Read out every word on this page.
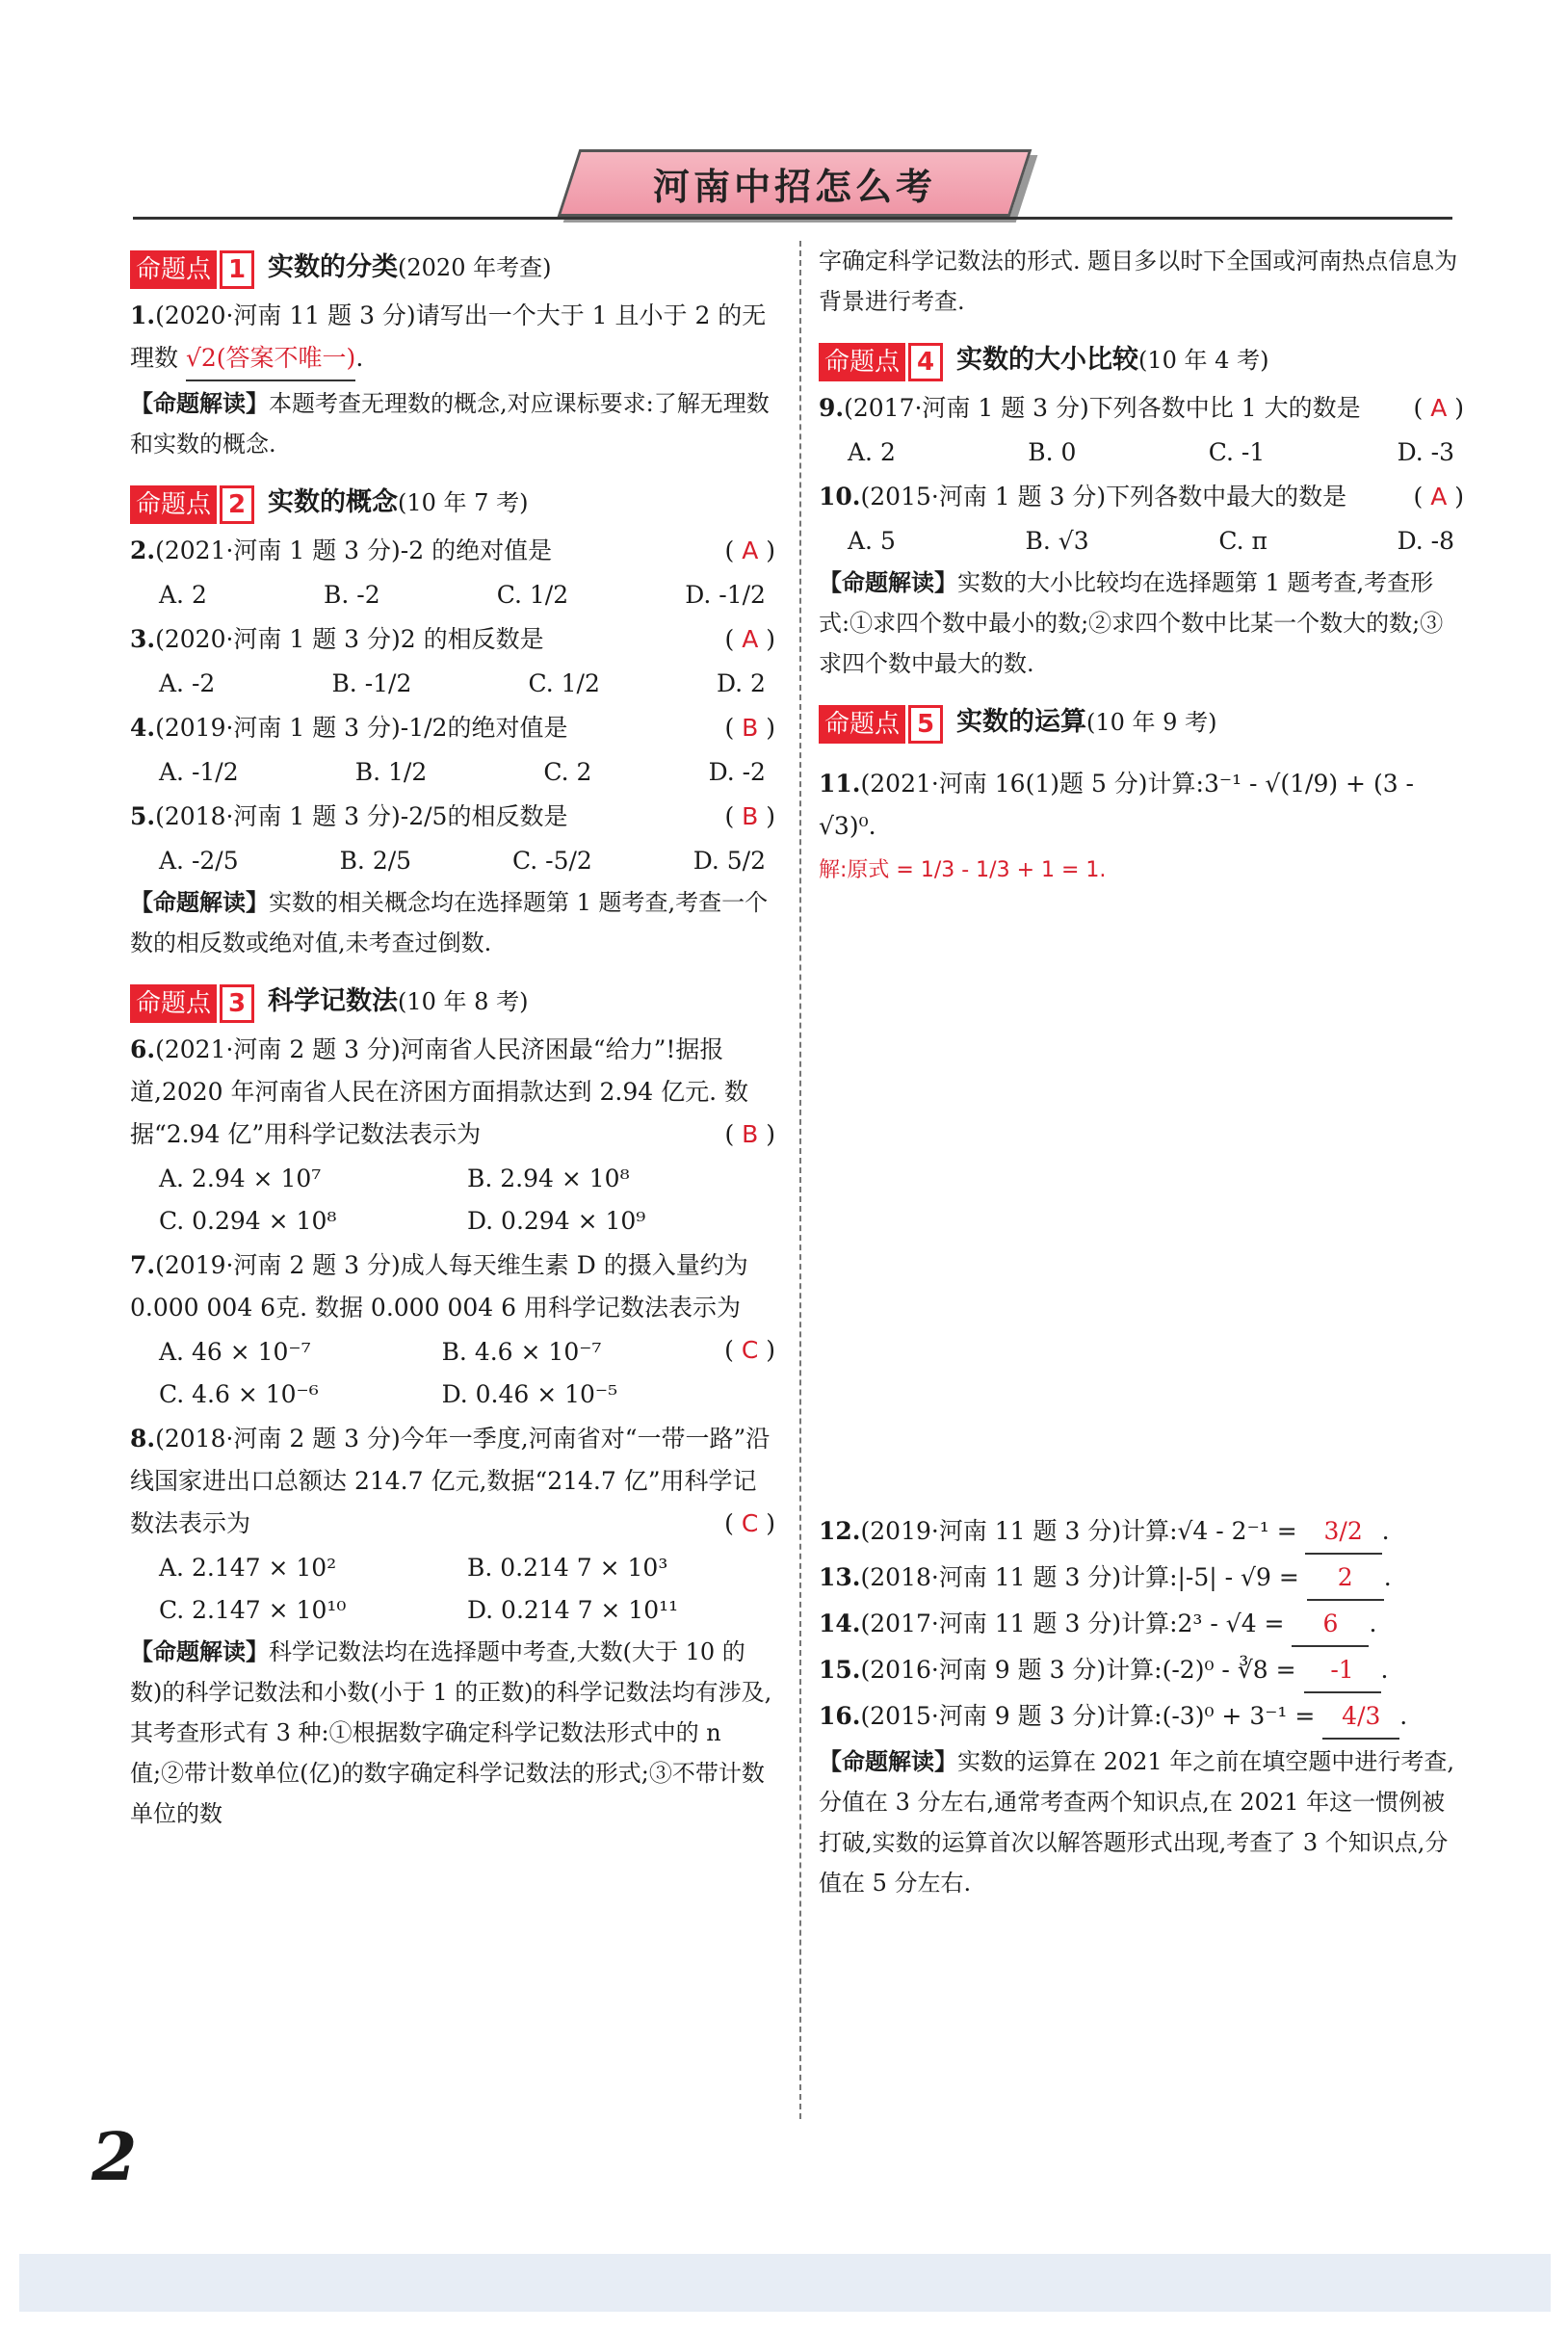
河南中招怎么考
命题点 1 实数的分类(2020 年考查)
1.(2020·河南 11 题 3 分)请写出一个大于 1 且小于 2 的无理数 √2(答案不唯一).
【命题解读】本题考查无理数的概念,对应课标要求:了解无理数和实数的概念.
命题点 2 实数的概念(10 年 7 考)
2.(2021·河南 1 题 3 分)-2 的绝对值是	( A )
A. 2	B. -2	C. 1/2	D. -1/2
3.(2020·河南 1 题 3 分)2 的相反数是	( A )
A. -2	B. -1/2	C. 1/2	D. 2
4.(2019·河南 1 题 3 分)-1/2的绝对值是	( B )
A. -1/2	B. 1/2	C. 2	D. -2
5.(2018·河南 1 题 3 分)-2/5的相反数是	( B )
A. -2/5	B. 2/5	C. -5/2	D. 5/2
【命题解读】实数的相关概念均在选择题第 1 题考查,考查一个数的相反数或绝对值,未考查过倒数.
命题点 3 科学记数法(10 年 8 考)
6.(2021·河南 2 题 3 分)河南省人民济困最“给力”!据报道,2020 年河南省人民在济困方面捐款达到 2.94 亿元. 数据“2.94 亿”用科学记数法表示为	( B )
A. 2.94 × 10⁷	B. 2.94 × 10⁸
C. 0.294 × 10⁸	D. 0.294 × 10⁹
7.(2019·河南 2 题 3 分)成人每天维生素 D 的摄入量约为0.000 004 6克. 数据 0.000 004 6 用科学记数法表示为
( C )
A. 46 × 10⁻⁷	B. 4.6 × 10⁻⁷
C. 4.6 × 10⁻⁶	D. 0.46 × 10⁻⁵
8.(2018·河南 2 题 3 分)今年一季度,河南省对“一带一路”沿线国家进出口总额达 214.7 亿元,数据“214.7 亿”用科学记数法表示为	( C )
A. 2.147 × 10²	B. 0.214 7 × 10³
C. 2.147 × 10¹⁰	D. 0.214 7 × 10¹¹
【命题解读】科学记数法均在选择题中考查,大数(大于 10 的数)的科学记数法和小数(小于 1 的正数)的科学记数法均有涉及,其考查形式有 3 种:①根据数字确定科学记数法形式中的 n 值;②带计数单位(亿)的数字确定科学记数法的形式;③不带计数单位的数
字确定科学记数法的形式. 题目多以时下全国或河南热点信息为背景进行考查.
命题点 4 实数的大小比较(10 年 4 考)
9.(2017·河南 1 题 3 分)下列各数中比 1 大的数是 ( A )
A. 2	B. 0	C. -1	D. -3
10.(2015·河南 1 题 3 分)下列各数中最大的数是	( A )
A. 5	B. √3	C. π	D. -8
【命题解读】实数的大小比较均在选择题第 1 题考查,考查形式:①求四个数中最小的数;②求四个数中比某一个数大的数;③求四个数中最大的数.
命题点 5 实数的运算(10 年 9 考)
11.(2021·河南 16(1)题 5 分)计算:3⁻¹ - √(1/9) + (3 - √3)⁰.
解:原式 = 1/3 - 1/3 + 1 = 1.
12.(2019·河南 11 题 3 分)计算:√4 - 2⁻¹ = 3/2 .
13.(2018·河南 11 题 3 分)计算:|-5| - √9 = 2 .
14.(2017·河南 11 题 3 分)计算:2³ - √4 = 6 .
15.(2016·河南 9 题 3 分)计算:(-2)⁰ - ∛8 = -1 .
16.(2015·河南 9 题 3 分)计算:(-3)⁰ + 3⁻¹ = 4/3 .
【命题解读】实数的运算在 2021 年之前在填空题中进行考查,分值在 3 分左右,通常考查两个知识点,在 2021 年这一惯例被打破,实数的运算首次以解答题形式出现,考查了 3 个知识点,分值在 5 分左右.
2
